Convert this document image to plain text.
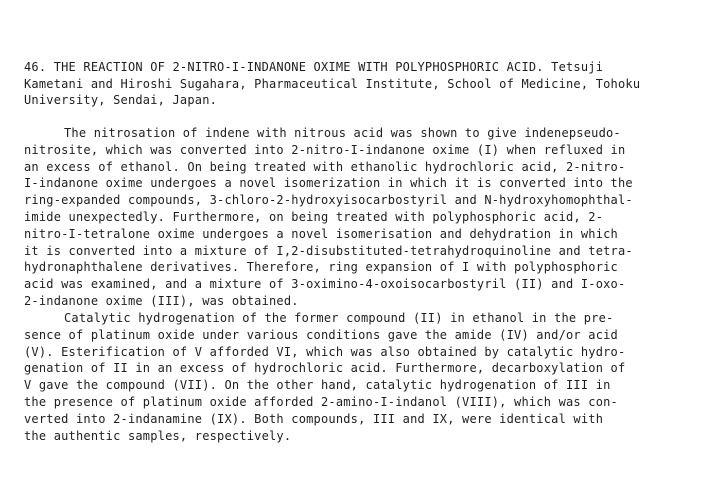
46. THE REACTION OF 2-NITRO-I-INDANONE OXIME WITH POLYPHOSPHORIC ACID. Tetsuji
Kametani and Hiroshi Sugahara, Pharmaceutical Institute, School of Medicine, Tohoku
University, Sendai, Japan.
The nitrosation of indene with nitrous acid was shown to give indenepseudo-
nitrosite, which was converted into 2-nitro-I-indanone oxime (I) when refluxed in
an excess of ethanol. On being treated with ethanolic hydrochloric acid, 2-nitro-
I-indanone oxime undergoes a novel isomerization in which it is converted into the
ring-expanded compounds, 3-chloro-2-hydroxyisocarbostyril and N-hydroxyhomophthal-
imide unexpectedly. Furthermore, on being treated with polyphosphoric acid, 2-
nitro-I-tetralone oxime undergoes a novel isomerisation and dehydration in which
it is converted into a mixture of I,2-disubstituted-tetrahydroquinoline and tetra-
hydronaphthalene derivatives. Therefore, ring expansion of I with polyphosphoric
acid was examined, and a mixture of 3-oximino-4-oxoisocarbostyril (II) and I-oxo-
2-indanone oxime (III), was obtained.
Catalytic hydrogenation of the former compound (II) in ethanol in the pre-
sence of platinum oxide under various conditions gave the amide (IV) and/or acid
(V). Esterification of V afforded VI, which was also obtained by catalytic hydro-
genation of II in an excess of hydrochloric acid. Furthermore, decarboxylation of
V gave the compound (VII). On the other hand, catalytic hydrogenation of III in
the presence of platinum oxide afforded 2-amino-I-indanol (VIII), which was con-
verted into 2-indanamine (IX). Both compounds, III and IX, were identical with
the authentic samples, respectively.
